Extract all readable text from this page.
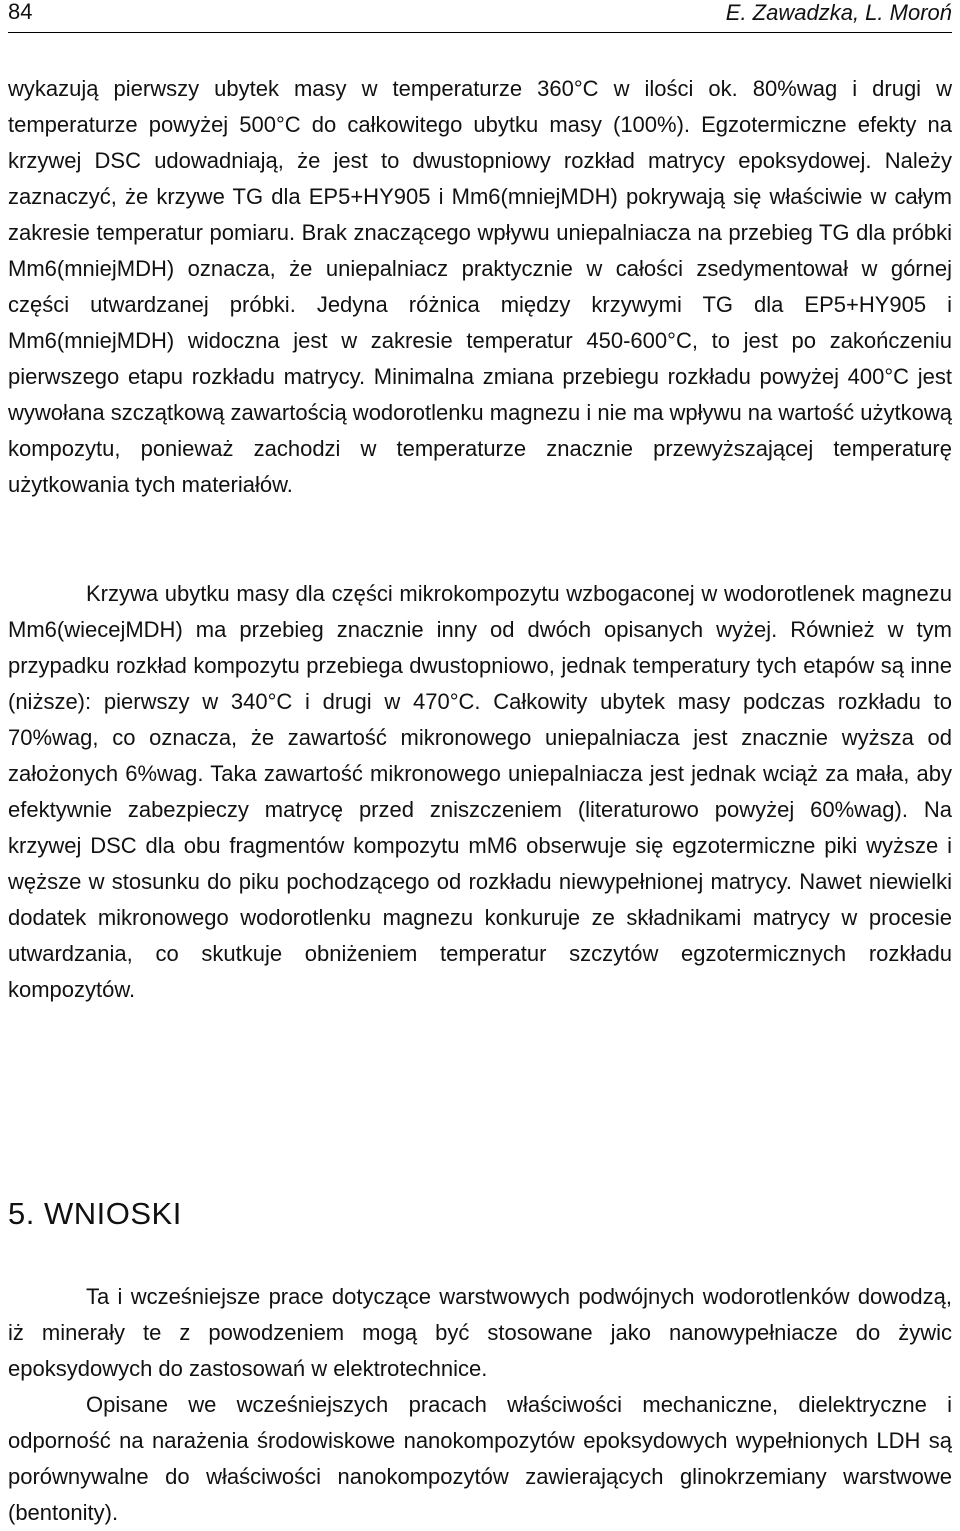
84	E. Zawadzka, L. Moroń

wykazują pierwszy ubytek masy w temperaturze 360°C w ilości ok. 80%wag i drugi w temperaturze powyżej 500°C do całkowitego ubytku masy (100%). Egzotermiczne efekty na krzywej DSC udowadniają, że jest to dwustopniowy rozkład matrycy epoksydowej. Należy zaznaczyć, że krzywe TG dla EP5+HY905 i Mm6(mniejMDH) pokrywają się właściwie w całym zakresie temperatur pomiaru. Brak znaczącego wpływu uniepalniacza na przebieg TG dla próbki Mm6(mniejMDH) oznacza, że uniepalniacz praktycznie w całości zsedymentował w górnej części utwardzanej próbki. Jedyna różnica między krzywymi TG dla EP5+HY905 i Mm6(mniejMDH) widoczna jest w zakresie temperatur 450-600°C, to jest po zakończeniu pierwszego etapu rozkładu matrycy. Minimalna zmiana przebiegu rozkładu powyżej 400°C jest wywołana szczątkową zawartością wodorotlenku magnezu i nie ma wpływu na wartość użytkową kompozytu, ponieważ zachodzi w temperaturze znacznie przewyższającej temperaturę użytkowania tych materiałów.

Krzywa ubytku masy dla części mikrokompozytu wzbogaconej w wodorotlenek magnezu Mm6(wiecejMDH) ma przebieg znacznie inny od dwóch opisanych wyżej. Również w tym przypadku rozkład kompozytu przebiega dwustopniowo, jednak temperatury tych etapów są inne (niższe): pierwszy w 340°C i drugi w 470°C. Całkowity ubytek masy podczas rozkładu to 70%wag, co oznacza, że zawartość mikronowego uniepalniacza jest znacznie wyższa od założonych 6%wag. Taka zawartość mikronowego uniepalniacza jest jednak wciąż za mała, aby efektywnie zabezpieczy matrycę przed zniszczeniem (literaturowo powyżej 60%wag). Na krzywej DSC dla obu fragmentów kompozytu mM6 obserwuje się egzotermiczne piki wyższe i węższe w stosunku do piku pochodzącego od rozkładu niewypełnionej matrycy. Nawet niewielki dodatek mikronowego wodorotlenku magnezu konkuruje ze składnikami matrycy w procesie utwardzania, co skutkuje obniżeniem temperatur szczytów egzotermicznych rozkładu kompozytów.

5. WNIOSKI

Ta i wcześniejsze prace dotyczące warstwowych podwójnych wodorotlenków dowodzą, iż minerały te z powodzeniem mogą być stosowane jako nanowypełniacze do żywic epoksydowych do zastosowań w elektrotechnice.

Opisane we wcześniejszych pracach właściwości mechaniczne, dielektryczne i odporność na narażenia środowiskowe nanokompozytów epoksydowych wypełnionych LDH są porównywalne do właściwości nanokompozytów zawierających glinokrzemiany warstwowe (bentonity).
